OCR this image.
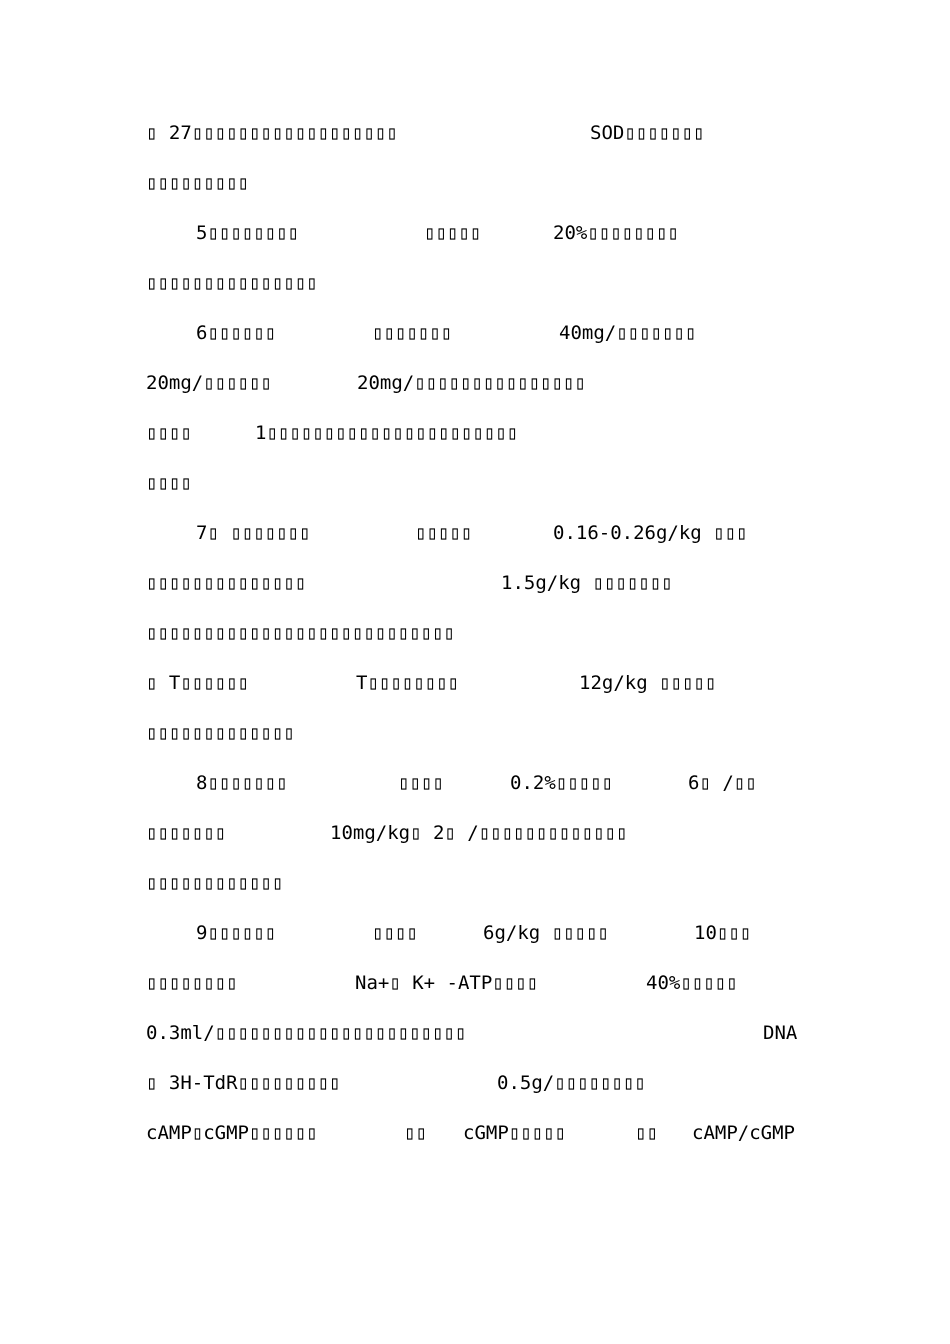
▯ 27▯▯▯▯▯▯▯▯▯▯▯▯▯▯▯▯▯▯	SOD▯▯▯▯▯▯▯
▯▯▯▯▯▯▯▯▯
5▯▯▯▯▯▯▯▯	▯▯▯▯▯	20%▯▯▯▯▯▯▯▯
▯▯▯▯▯▯▯▯▯▯▯▯▯▯▯
6▯▯▯▯▯▯	▯▯▯▯▯▯▯	40mg/▯▯▯▯▯▯▯
20mg/▯▯▯▯▯▯	20mg/▯▯▯▯▯▯▯▯▯▯▯▯▯▯▯
▯▯▯▯	1▯▯▯▯▯▯▯▯▯▯▯▯▯▯▯▯▯▯▯▯▯▯
▯▯▯▯
7▯ ▯▯▯▯▯▯▯	▯▯▯▯▯	0.16-0.26g/kg ▯▯▯
▯▯▯▯▯▯▯▯▯▯▯▯▯▯	1.5g/kg ▯▯▯▯▯▯▯
▯▯▯▯▯▯▯▯▯▯▯▯▯▯▯▯▯▯▯▯▯▯▯▯▯▯▯
▯ T▯▯▯▯▯▯	T▯▯▯▯▯▯▯▯	12g/kg ▯▯▯▯▯
▯▯▯▯▯▯▯▯▯▯▯▯▯
8▯▯▯▯▯▯▯	▯▯▯▯	0.2%▯▯▯▯▯	6▯ /▯▯
▯▯▯▯▯▯▯	10mg/kg▯ 2▯ /▯▯▯▯▯▯▯▯▯▯▯▯▯
▯▯▯▯▯▯▯▯▯▯▯▯
9▯▯▯▯▯▯	▯▯▯▯	6g/kg ▯▯▯▯▯	10▯▯▯
▯▯▯▯▯▯▯▯	Na+▯ K+ -ATP▯▯▯▯	40%▯▯▯▯▯
0.3ml/▯▯▯▯▯▯▯▯▯▯▯▯▯▯▯▯▯▯▯▯▯▯	DNA
▯ 3H-TdR▯▯▯▯▯▯▯▯▯	0.5g/▯▯▯▯▯▯▯▯
cAMP▯cGMP▯▯▯▯▯▯	▯▯ cGMP▯▯▯▯▯	▯▯ cAMP/cGMP
